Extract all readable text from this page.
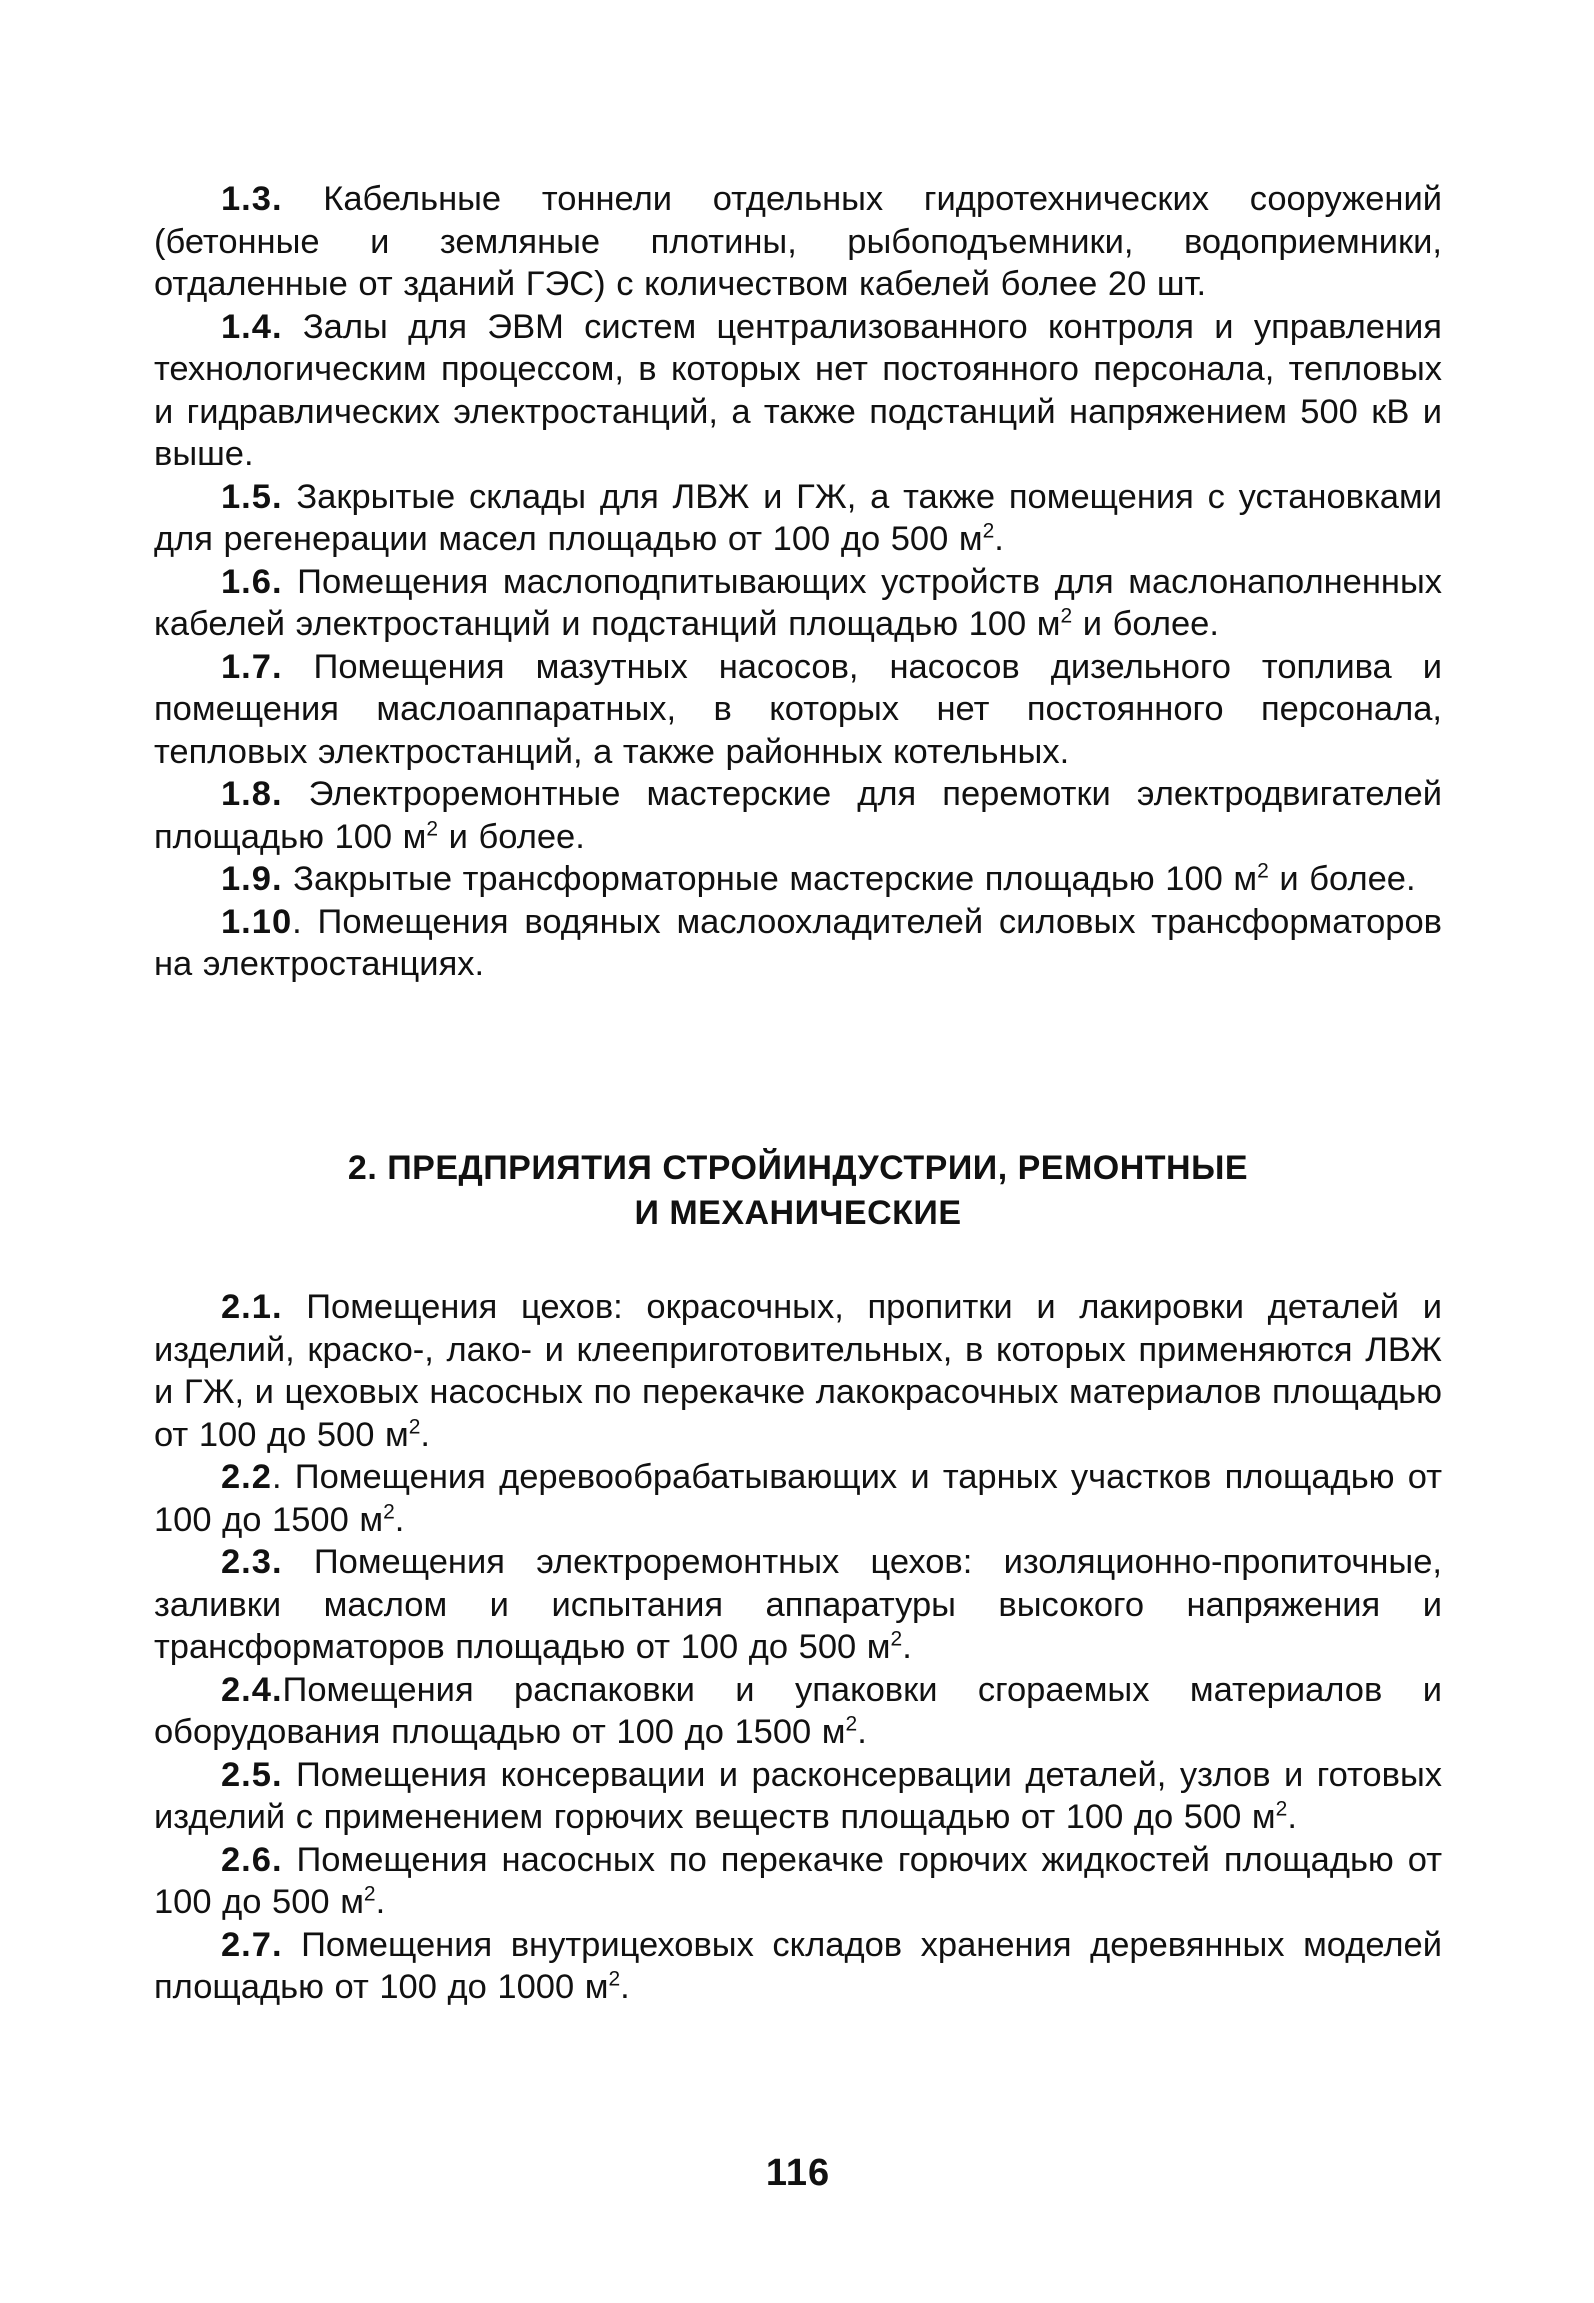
1.3. Кабельные тоннели отдельных гидротехнических сооружений (бетонные и земляные плотины, рыбоподъемники, водоприемники, отдаленные от зданий ГЭС) с количеством кабелей более 20 шт.

1.4. Залы для ЭВМ систем централизованного контроля и управления технологическим процессом, в которых нет постоянного персонала, тепловых и гидравлических электростанций, а также подстанций напряжением 500 кВ и выше.

1.5. Закрытые склады для ЛВЖ и ГЖ, а также помещения с установками для регенерации масел площадью от 100 до 500 $м^2$.

1.6. Помещения маслоподпитывающих устройств для маслонаполненных кабелей электростанций и подстанций площадью 100 $м^2$ и более.

1.7. Помещения мазутных насосов, насосов дизельного топлива и помещения маслоаппаратных, в которых нет постоянного персонала, тепловых электростанций, а также районных котельных.

1.8. Электроремонтные мастерские для перемотки электродвигателей площадью 100 $м^2$ и более.

1.9. Закрытые трансформаторные мастерские площадью 100 $м^2$ и более.

1.10. Помещения водяных маслоохладителей силовых трансформаторов на электростанциях.

2. ПРЕДПРИЯТИЯ СТРОЙИНДУСТРИИ, РЕМОНТНЫЕ

И МЕХАНИЧЕСКИЕ

2.1. Помещения цехов: окрасочных, пропитки и лакировки деталей и изделий, краско-, лако- и клееприготовительных, в которых применяются ЛВЖ и ГЖ, и цеховых насосных по перекачке лакокрасочных материалов площадью от 100 до 500 $м^2$.

2.2. Помещения деревообрабатывающих и тарных участков площадью от 100 до 1500 $м^2$.

2.3. Помещения электроремонтных цехов: изоляционно-пропиточные, заливки маслом и испытания аппаратуры высокого напряжения и трансформаторов площадью от 100 до 500 $м^2$.

2.4.Помещения распаковки и упаковки сгораемых материалов и оборудования площадью от 100 до 1500 $м^2$.

2.5. Помещения консервации и расконсервации деталей, узлов и готовых изделий с применением горючих веществ площадью от 100 до 500 $м^2$.

2.6. Помещения насосных по перекачке горючих жидкостей площадью от 100 до 500 $м^2$.

2.7. Помещения внутрицеховых складов хранения деревянных моделей площадью от 100 до 1000 $м^2$.

116
